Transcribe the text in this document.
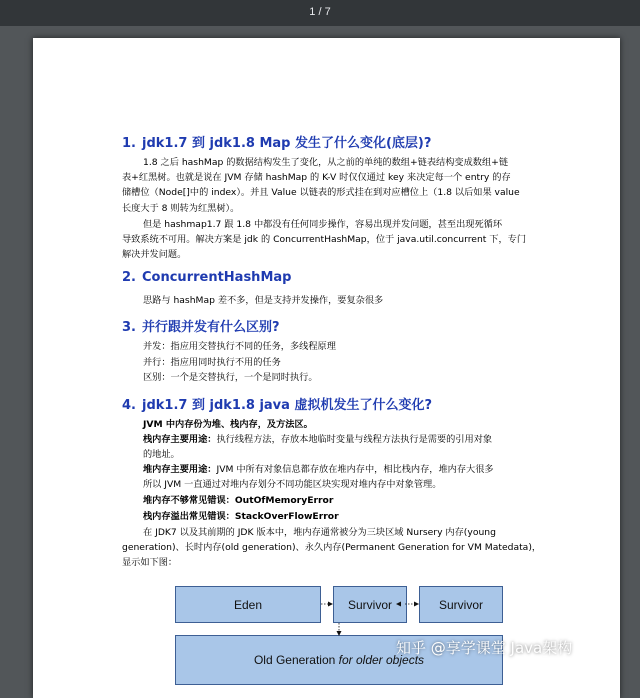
1 / 7
1. jdk1.7 到 jdk1.8 Map 发生了什么变化(底层)?
1.8 之后 hashMap 的数据结构发生了变化，从之前的单纯的数组+链表结构变成数组+链
表+红黑树。也就是说在 JVM 存储 hashMap 的 K-V 时仅仅通过 key 来决定每一个 entry 的存
储槽位（Node[]中的 index）。并且 Value 以链表的形式挂在到对应槽位上（1.8 以后如果 value
长度大于 8 则转为红黑树）。
但是 hashmap1.7 跟 1.8 中都没有任何同步操作，容易出现并发问题，甚至出现死循环
导致系统不可用。解决方案是 jdk 的 ConcurrentHashMap，位于 java.util.concurrent 下，专门
解决并发问题。
2. ConcurrentHashMap
思路与 hashMap 差不多，但是支持并发操作，要复杂很多
3. 并行跟并发有什么区别?
并发：指应用交替执行不同的任务，多线程原理
并行：指应用同时执行不用的任务
区别：一个是交替执行，一个是同时执行。
4. jdk1.7 到 jdk1.8 java 虚拟机发生了什么变化?
JVM 中内存份为堆、栈内存，及方法区。
栈内存主要用途：执行线程方法，存放本地临时变量与线程方法执行是需要的引用对象
的地址。
堆内存主要用途：JVM 中所有对象信息都存放在堆内存中，相比栈内存，堆内存大很多
所以 JVM 一直通过对堆内存划分不同功能区块实现对堆内存中对象管理。
堆内存不够常见错误：OutOfMemoryError
栈内存溢出常见错误：StackOverFlowError
在 JDK7 以及其前期的 JDK 版本中，堆内存通常被分为三块区域 Nursery 内存(young
generation)、长时内存(old generation)、永久内存(Permanent Generation for VM Matedata)，
显示如下图：
Eden	Survivor	Survivor
Old Generation for older objects
知乎 @享学课堂 Java架构
